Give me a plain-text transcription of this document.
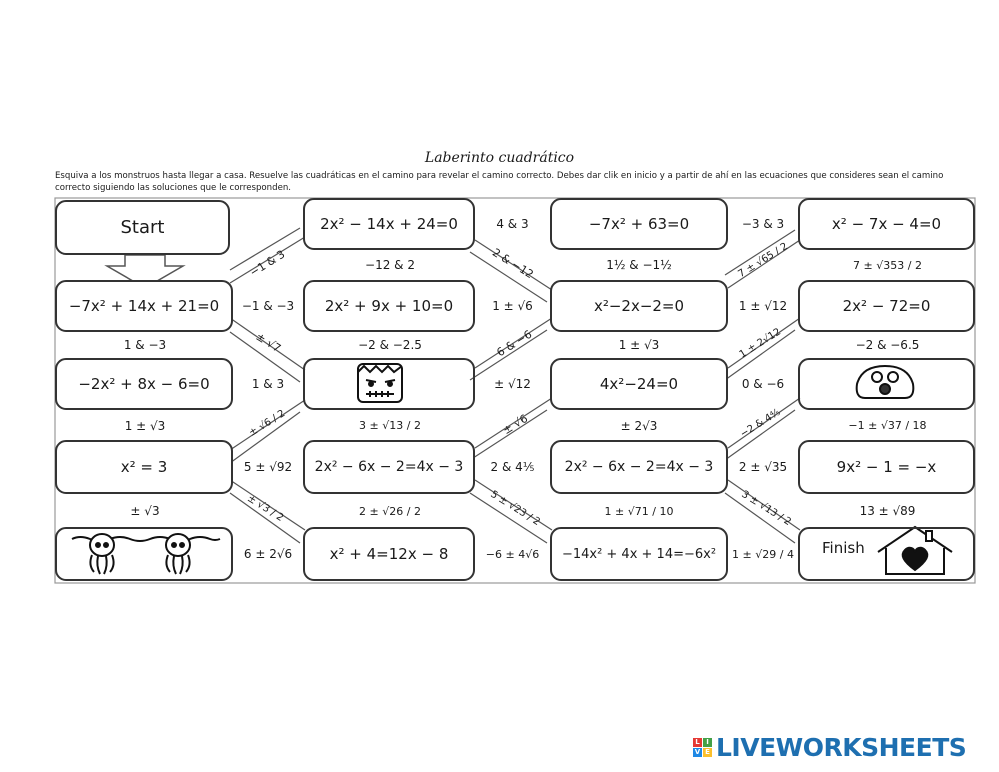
Laberinto cuadrático
Esquiva a los monstruos hasta llegar a casa. Resuelve las cuadráticas en el camino para revelar el camino correcto. Debes dar clik en inicio y a partir de ahí en las ecuaciones que consideres sean el camino correcto siguiendo las soluciones que le corresponden.
Start	2x² − 14x + 24=0	−7x² + 63=0	x² − 7x − 4=0
−7x² + 14x + 21=0	2x² + 9x + 10=0	x²−2x−2=0	2x² − 72=0
−2x² + 8x − 6=0	4x²−24=0
x² = 3	2x² − 6x − 2=4x − 3	2x² − 6x − 2=4x − 3	9x² − 1 = −x
x² + 4=12x − 8	−14x² + 4x + 14=−6x²	Finish
4 & 3	−3 & 3
−1 & −3	1 ± √6	1 ± √12
1 & 3	± √12	0 & −6
5 ± √92	2 & 4⅕	2 ± √35
6 ± 2√6	−6 ± 4√6	1 ± √29 / 4
−12 & 2	1½ & −1½	7 ± √353 / 2
1 & −3	−2 & −2.5	1 ± √3	−2 & −6.5
1 ± √3	3 ± √13 / 2	± 2√3	−1 ± √37 / 18
± √3	2 ± √26 / 2	1 ± √71 / 10	13 ± √89
−1 & 3	2 & −12	7 ± √65 / 2
± √7	6 & −6	1 ± 2√12
± √6 / 2	± √6	−2 & 4⅘
± √3 / 2	5 ± √23 / 2	3 ± √13 / 2
L I
V E LIVEWORKSHEETS
